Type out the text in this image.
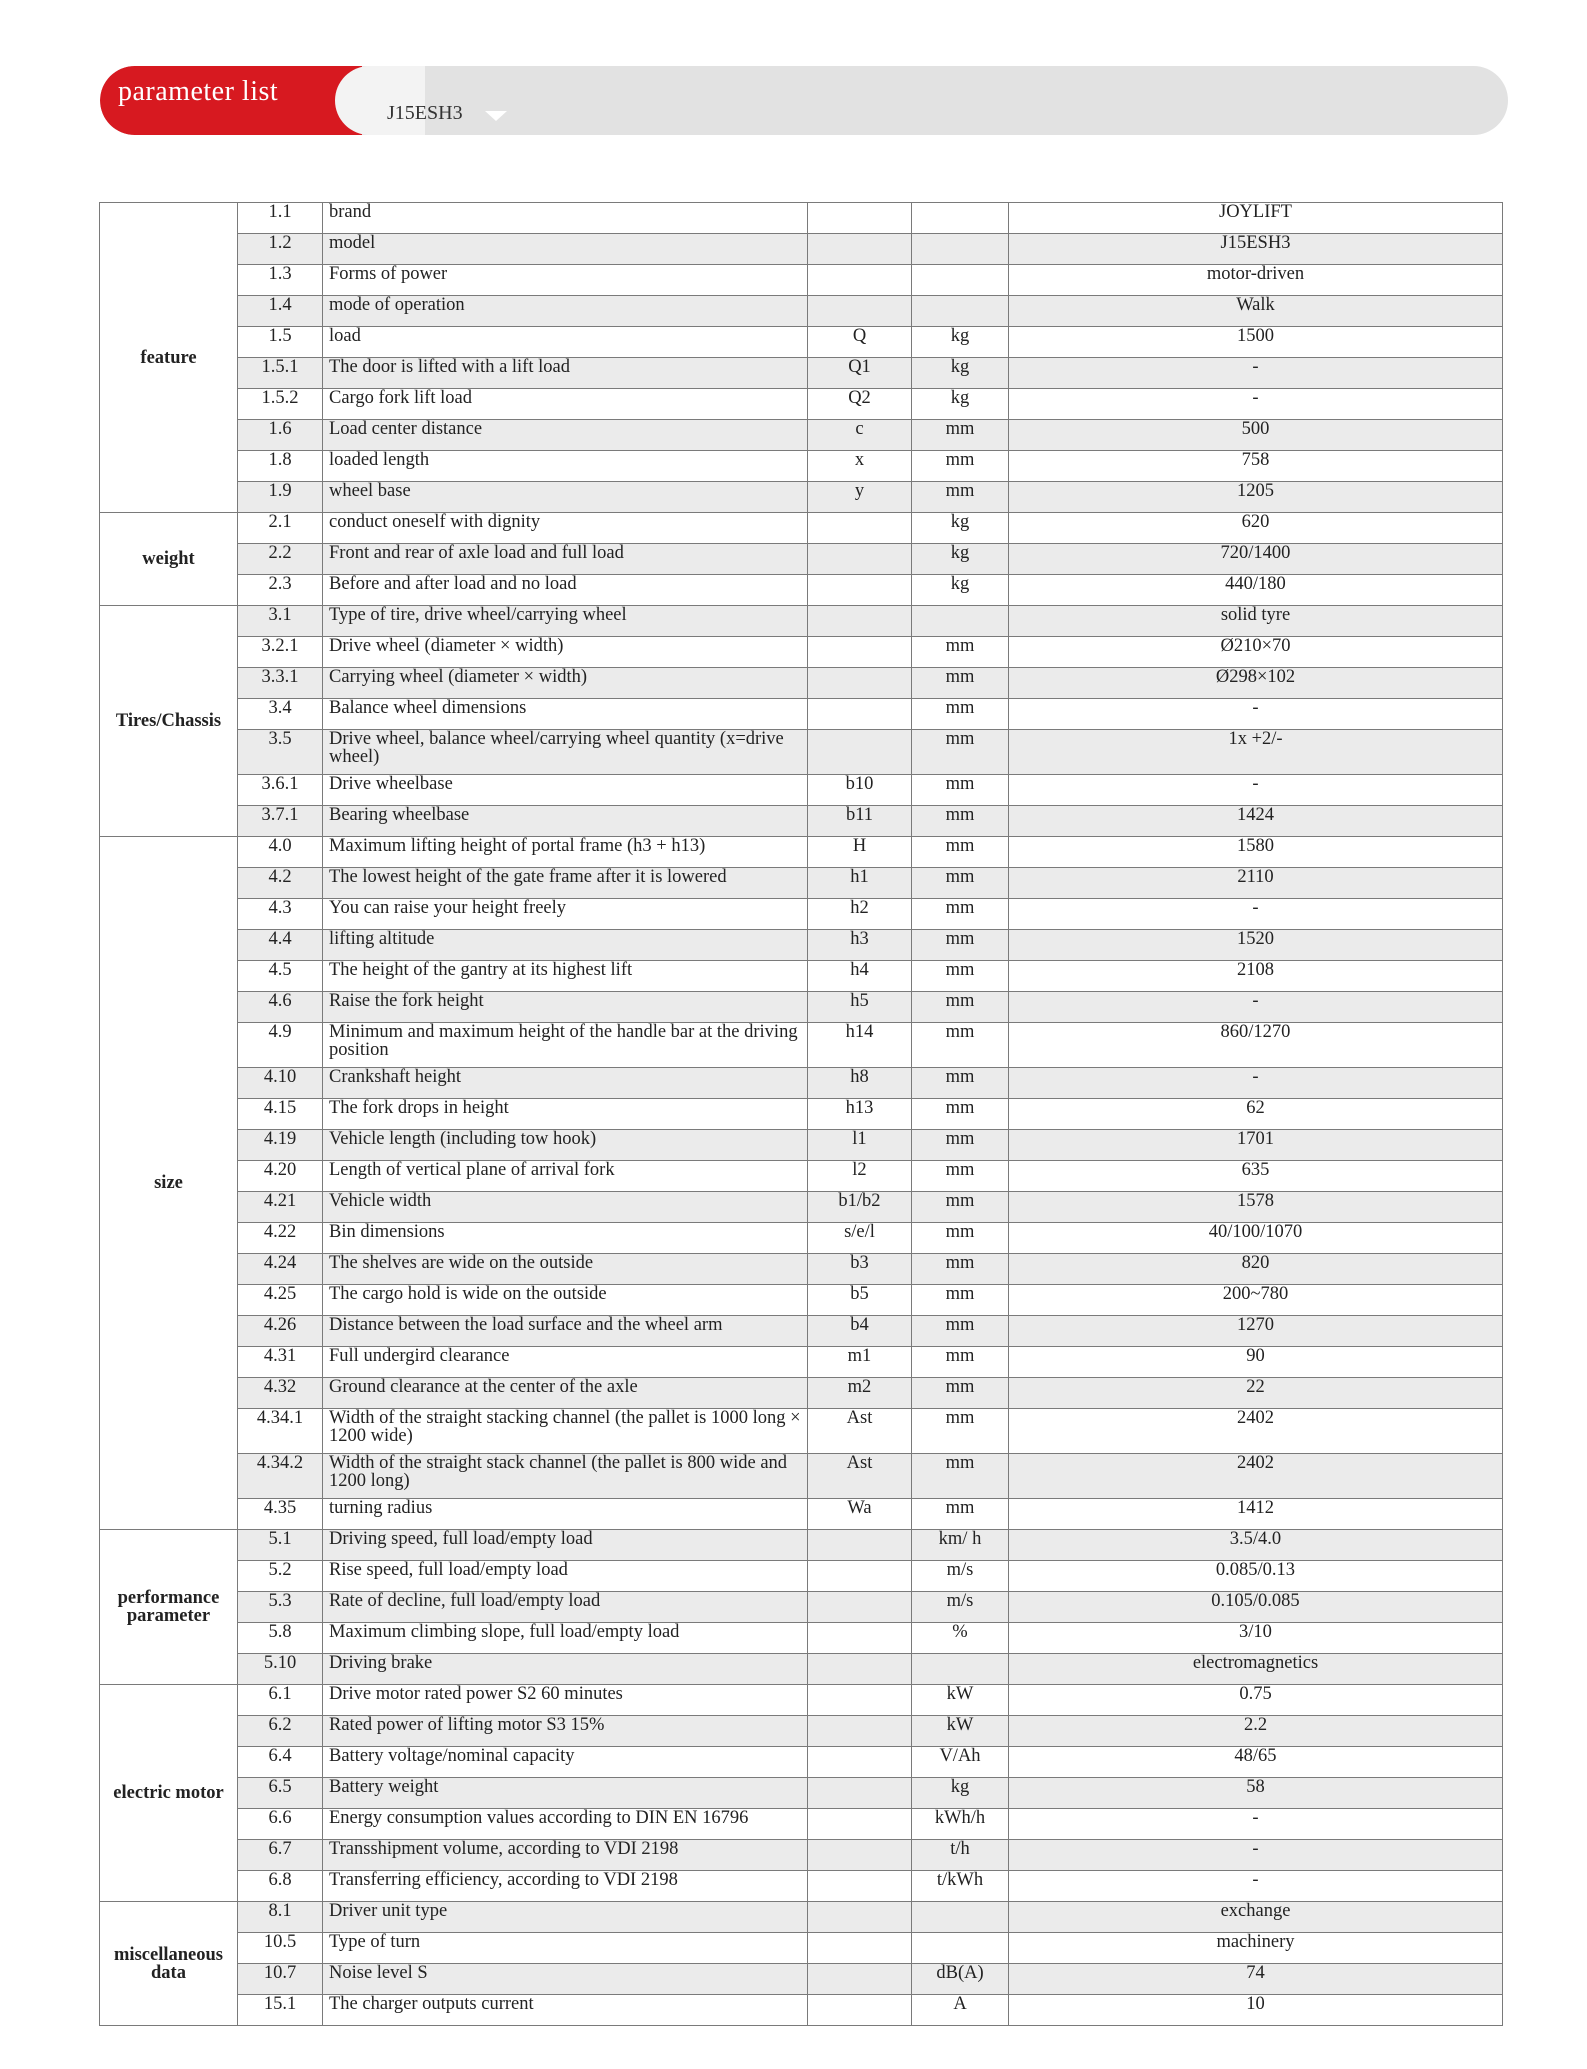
parameter list
J15ESH3
feature	1.1	brand			JOYLIFT
	1.2	model			J15ESH3
	1.3	Forms of power			motor-driven
	1.4	mode of operation			Walk
	1.5	load	Q	kg	1500
	1.5.1	The door is lifted with a lift load	Q1	kg	-
	1.5.2	Cargo fork lift load	Q2	kg	-
	1.6	Load center distance	c	mm	500
	1.8	loaded length	x	mm	758
	1.9	wheel base	y	mm	1205
weight	2.1	conduct oneself with dignity		kg	620
	2.2	Front and rear of axle load and full load		kg	720/1400
	2.3	Before and after load and no load		kg	440/180
Tires/Chassis	3.1	Type of tire, drive wheel/carrying wheel			solid tyre
	3.2.1	Drive wheel (diameter × width)		mm	Ø210×70
	3.3.1	Carrying wheel (diameter × width)		mm	Ø298×102
	3.4	Balance wheel dimensions		mm	-
	3.5	Drive wheel, balance wheel/carrying wheel quantity (x=drive wheel)		mm	1x +2/-
	3.6.1	Drive wheelbase	b10	mm	-
	3.7.1	Bearing wheelbase	b11	mm	1424
size	4.0	Maximum lifting height of portal frame (h3 + h13)	H	mm	1580
	4.2	The lowest height of the gate frame after it is lowered	h1	mm	2110
	4.3	You can raise your height freely	h2	mm	-
	4.4	lifting altitude	h3	mm	1520
	4.5	The height of the gantry at its highest lift	h4	mm	2108
	4.6	Raise the fork height	h5	mm	-
	4.9	Minimum and maximum height of the handle bar at the driving position	h14	mm	860/1270
	4.10	Crankshaft height	h8	mm	-
	4.15	The fork drops in height	h13	mm	62
	4.19	Vehicle length (including tow hook)	l1	mm	1701
	4.20	Length of vertical plane of arrival fork	l2	mm	635
	4.21	Vehicle width	b1/b2	mm	1578
	4.22	Bin dimensions	s/e/l	mm	40/100/1070
	4.24	The shelves are wide on the outside	b3	mm	820
	4.25	The cargo hold is wide on the outside	b5	mm	200~780
	4.26	Distance between the load surface and the wheel arm	b4	mm	1270
	4.31	Full undergird clearance	m1	mm	90
	4.32	Ground clearance at the center of the axle	m2	mm	22
	4.34.1	Width of the straight stacking channel (the pallet is 1000 long × 1200 wide)	Ast	mm	2402
	4.34.2	Width of the straight stack channel (the pallet is 800 wide and 1200 long)	Ast	mm	2402
	4.35	turning radius	Wa	mm	1412
performance parameter	5.1	Driving speed, full load/empty load		km/ h	3.5/4.0
	5.2	Rise speed, full load/empty load		m/s	0.085/0.13
	5.3	Rate of decline, full load/empty load		m/s	0.105/0.085
	5.8	Maximum climbing slope, full load/empty load		%	3/10
	5.10	Driving brake			electromagnetics
electric motor	6.1	Drive motor rated power S2 60 minutes		kW	0.75
	6.2	Rated power of lifting motor S3 15%		kW	2.2
	6.4	Battery voltage/nominal capacity		V/Ah	48/65
	6.5	Battery weight		kg	58
	6.6	Energy consumption values according to DIN EN 16796		kWh/h	-
	6.7	Transshipment volume, according to VDI 2198		t/h	-
	6.8	Transferring efficiency, according to VDI 2198		t/kWh	-
miscellaneous data	8.1	Driver unit type			exchange
	10.5	Type of turn			machinery
	10.7	Noise level S		dB(A)	74
	15.1	The charger outputs current		A	10
